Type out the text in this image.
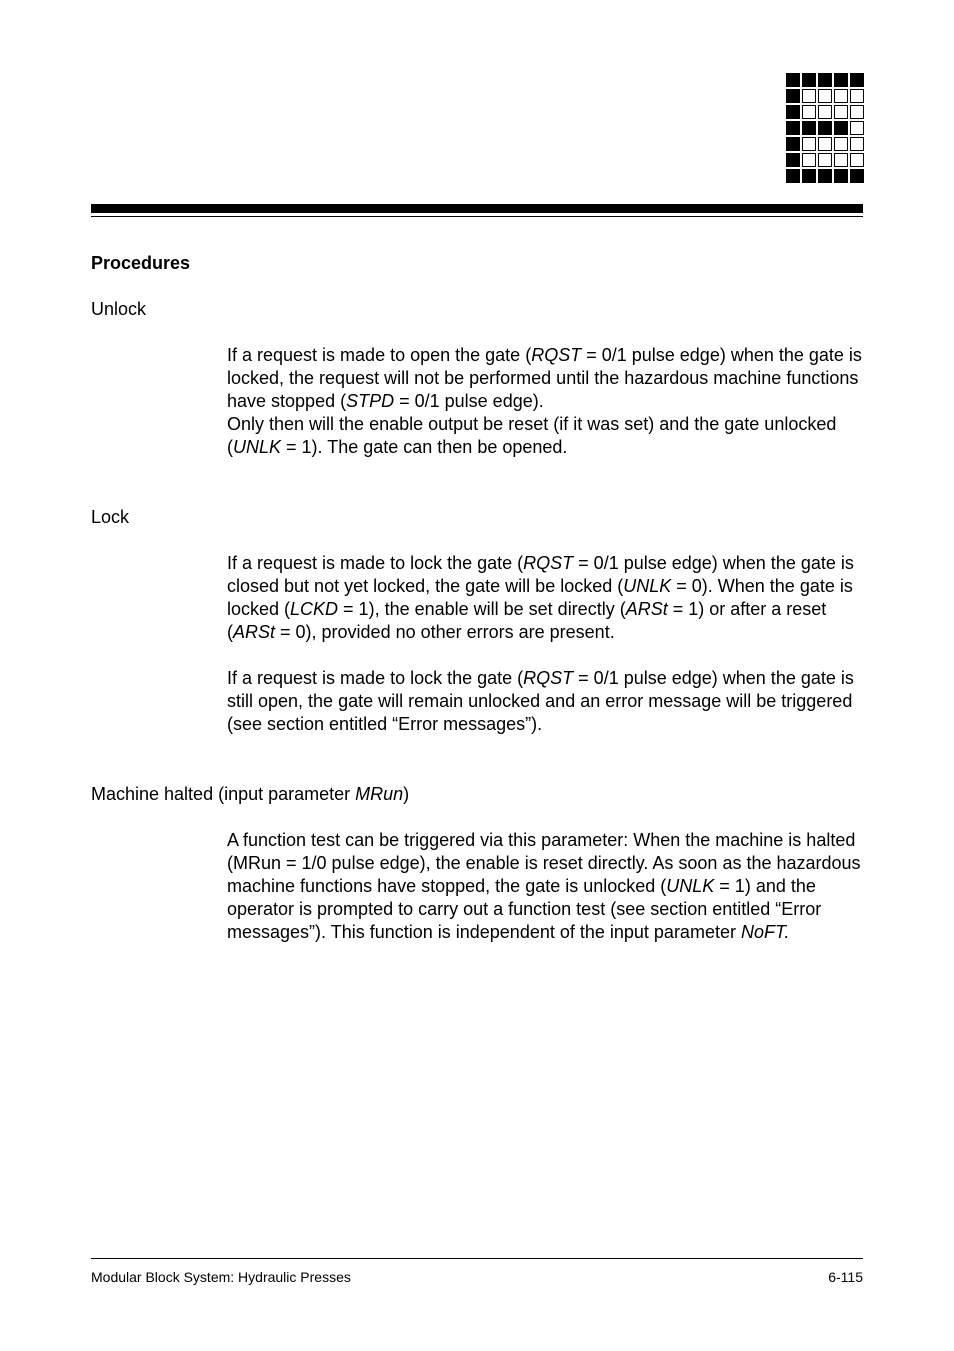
Procedures
Unlock
If a request is made to open the gate (RQST = 0/1 pulse edge) when the gate is locked, the request will not be performed until the hazardous machine functions have stopped (STPD = 0/1 pulse edge).
Only then will the enable output be reset (if it was set) and the gate unlocked (UNLK = 1). The gate can then be opened.
Lock
If a request is made to lock the gate (RQST = 0/1 pulse edge) when the gate is closed but not yet locked, the gate will be locked (UNLK = 0). When the gate is locked (LCKD = 1), the enable will be set directly (ARSt = 1) or after a reset (ARSt = 0), provided no other errors are present.
If a request is made to lock the gate (RQST = 0/1 pulse edge) when the gate is still open, the gate will remain unlocked and an error message will be triggered (see section entitled “Error messages”).
Machine halted (input parameter MRun)
A function test can be triggered via this parameter: When the machine is halted (MRun = 1/0 pulse edge), the enable is reset directly. As soon as the hazardous machine functions have stopped, the gate is unlocked (UNLK = 1) and the operator is prompted to carry out a function test (see section entitled “Error messages”). This function is independent of the input parameter NoFT.
Modular Block System: Hydraulic Presses	6-115
